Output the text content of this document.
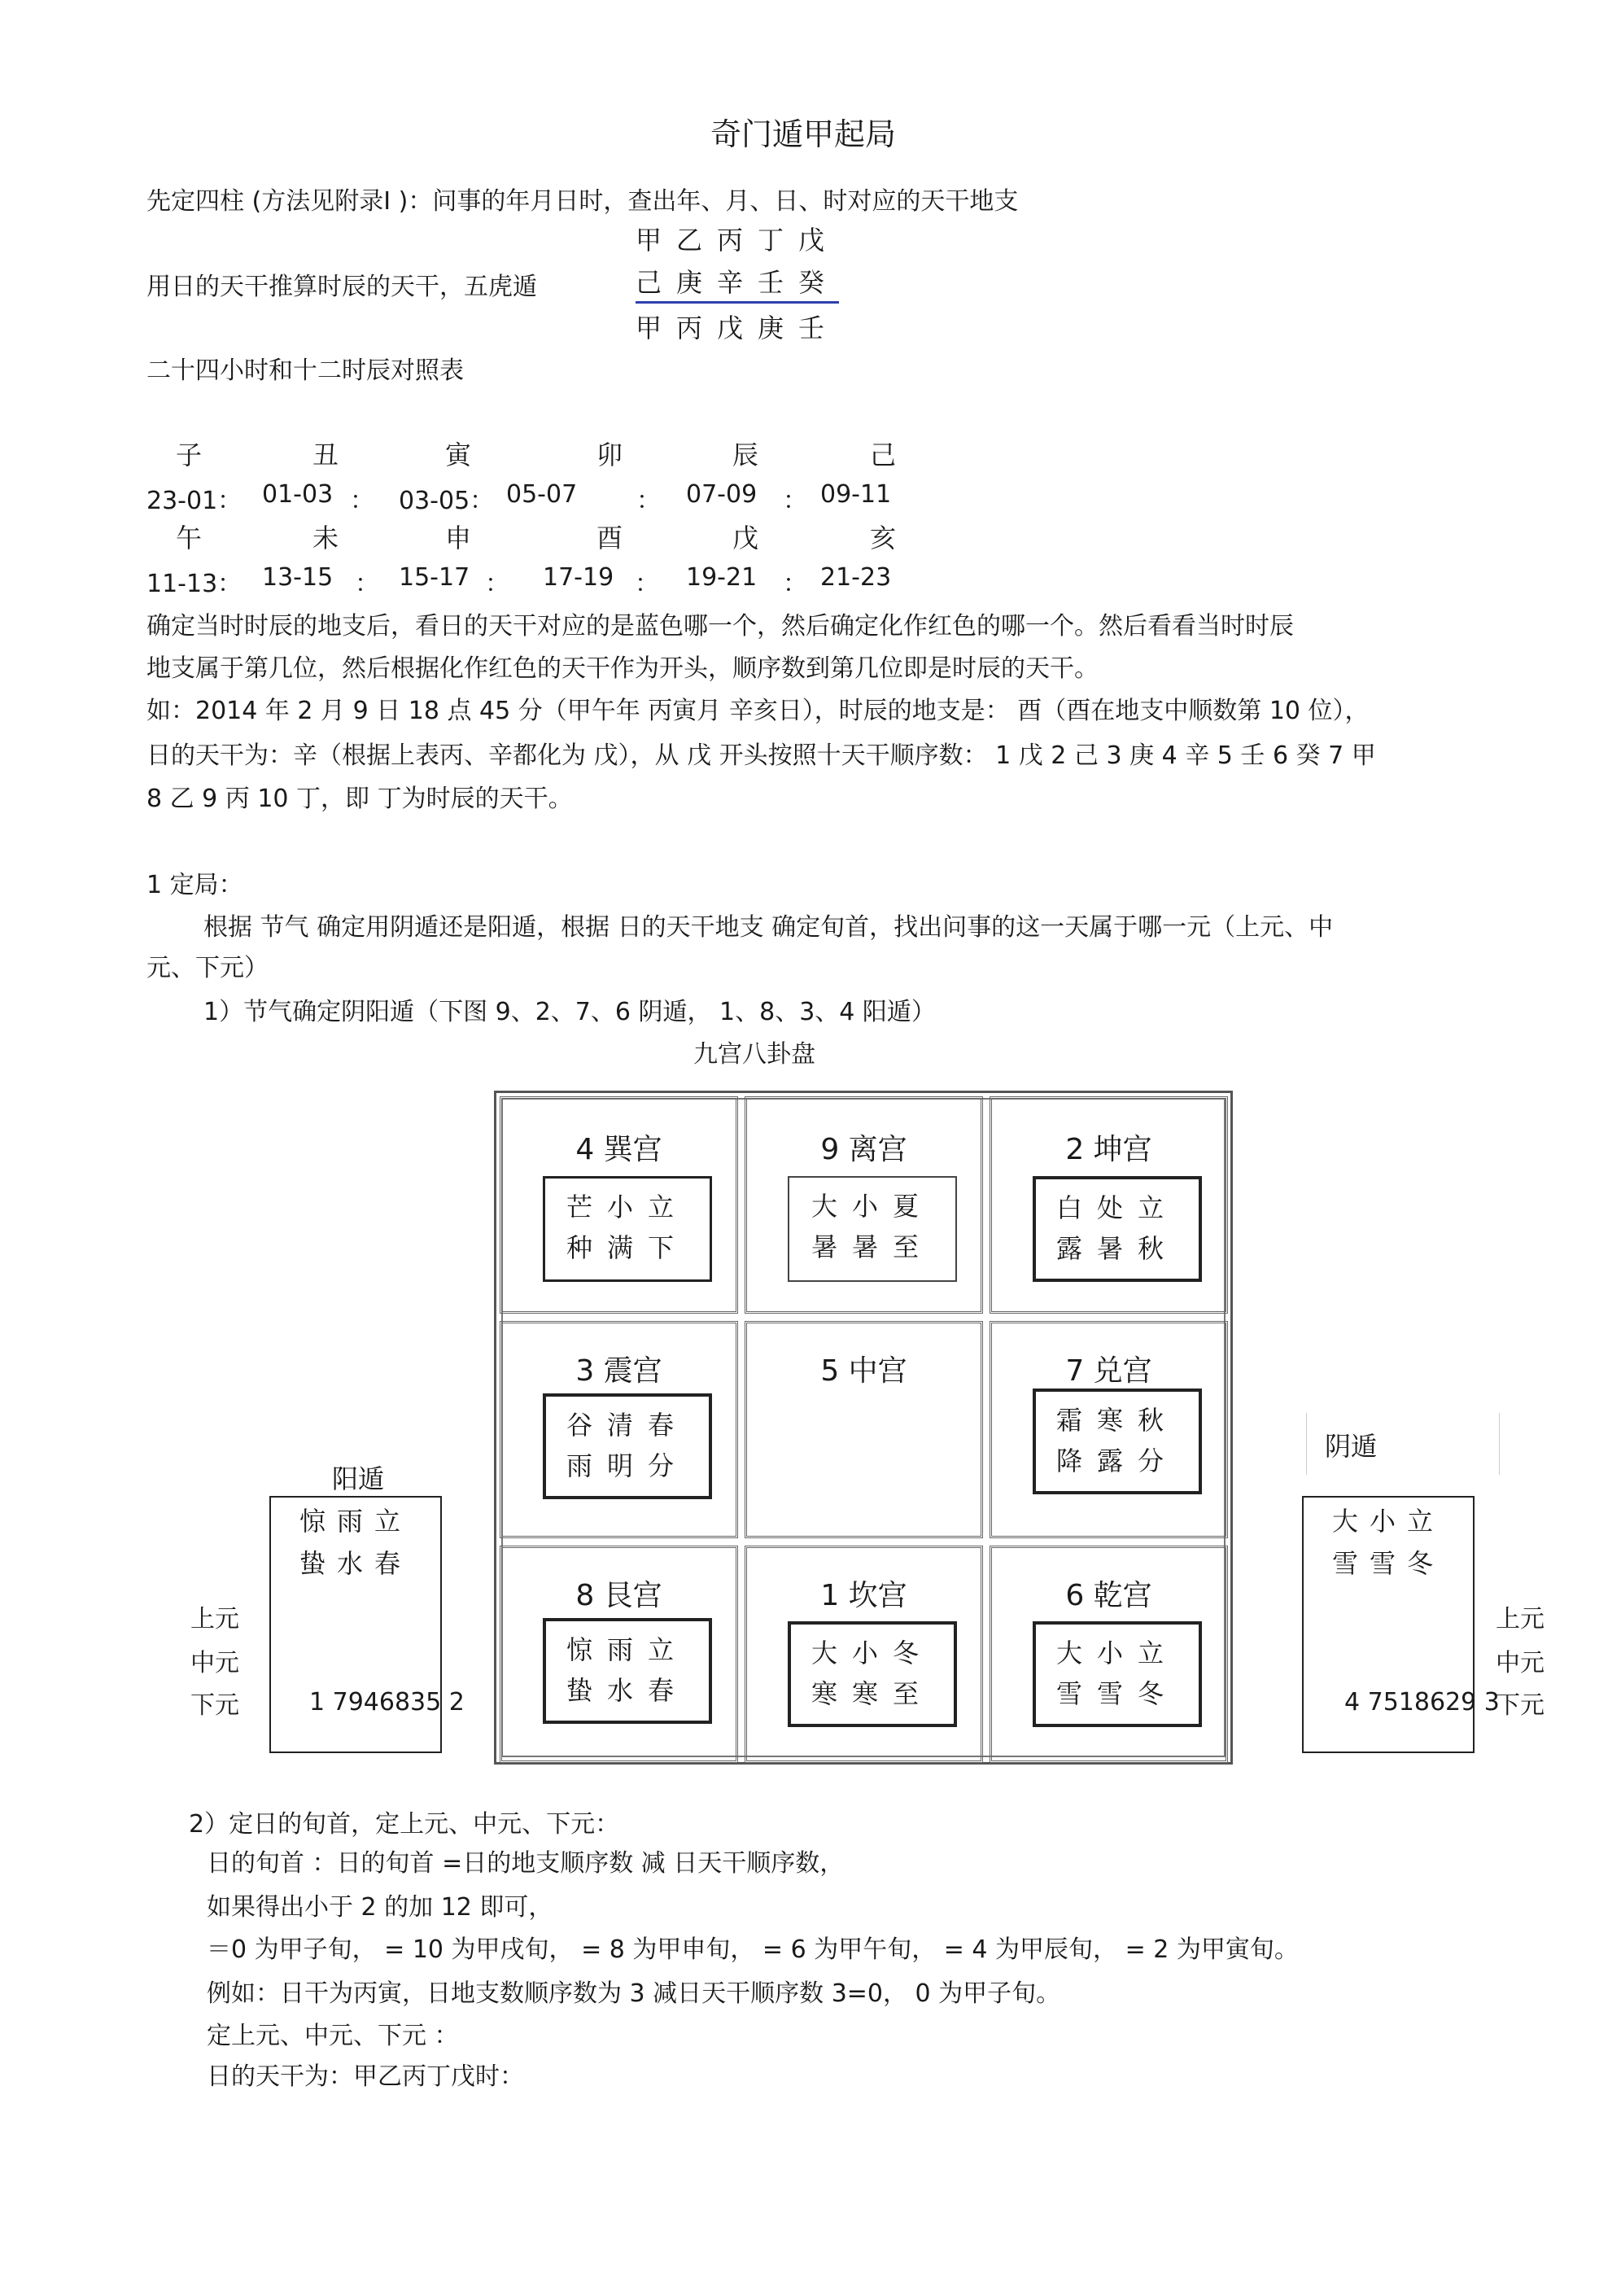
奇门遁甲起局
先定四柱 (方法见附录Ⅰ )：问事的年月日时，查出年、月、日、时对应的天干地支
甲乙丙丁戊
用日的天干推算时辰的天干，五虎遁	己庚辛壬癸
甲丙戊庚壬
二十四小时和十二时辰对照表
子	丑	寅	卯	辰	己
23-01： 01-03 ： 03-05： 05-07 ： 07-09 ： 09-11
午	未	申	酉	戊	亥
11-13： 13-15 ： 15-17 ： 17-19 ： 19-21 ： 21-23
确定当时时辰的地支后，看日的天干对应的是蓝色哪一个，然后确定化作红色的哪一个。然后看看当时时辰
地支属于第几位，然后根据化作红色的天干作为开头，顺序数到第几位即是时辰的天干。
如：2014 年 2 月 9 日 18 点 45 分（甲午年 丙寅月 辛亥日），时辰的地支是： 酉（酉在地支中顺数第 10 位），
日的天干为：辛（根据上表丙、辛都化为 戊），从 戊 开头按照十天干顺序数： 1 戊 2 己 3 庚 4 辛 5 壬 6 癸 7 甲
8 乙 9 丙 10 丁，即 丁为时辰的天干。
1 定局：
根据 节气 确定用阴遁还是阳遁，根据 日的天干地支 确定旬首，找出问事的这一天属于哪一元（上元、中
元、下元）
1）节气确定阴阳遁（下图 9、2、7、6 阴遁， 1、8、3、4 阳遁）
九宫八卦盘
4 巽宫
芒小立
种满下
9 离宫
大小夏
暑暑至
2 坤宫
白处立
露暑秋
3 震宫
谷清春
雨明分
5 中宫	7 兑宫
霜寒秋
降露分
8 艮宫
惊雨立
蛰水春
1 坎宫
大小冬
寒寒至
6 乾宫
大小立
雪雪冬
阳遁
惊雨立
蛰水春
1 7946835 2
上元
中元
下元
阴遁
大小立
雪雪冬
4 7518629 3
上元
中元
下元
2）定日的旬首，定上元、中元、下元：
日的旬首 ：日的旬首 =日的地支顺序数 减 日天干顺序数，
如果得出小于 2 的加 12 即可，
＝0 为甲子旬， = 10 为甲戌旬， = 8 为甲申旬， = 6 为甲午旬， = 4 为甲辰旬， = 2 为甲寅旬。
例如：日干为丙寅，日地支数顺序数为 3 减日天干顺序数 3=0， 0 为甲子旬。
定上元、中元、下元 ：
日的天干为：甲乙丙丁戊时：
